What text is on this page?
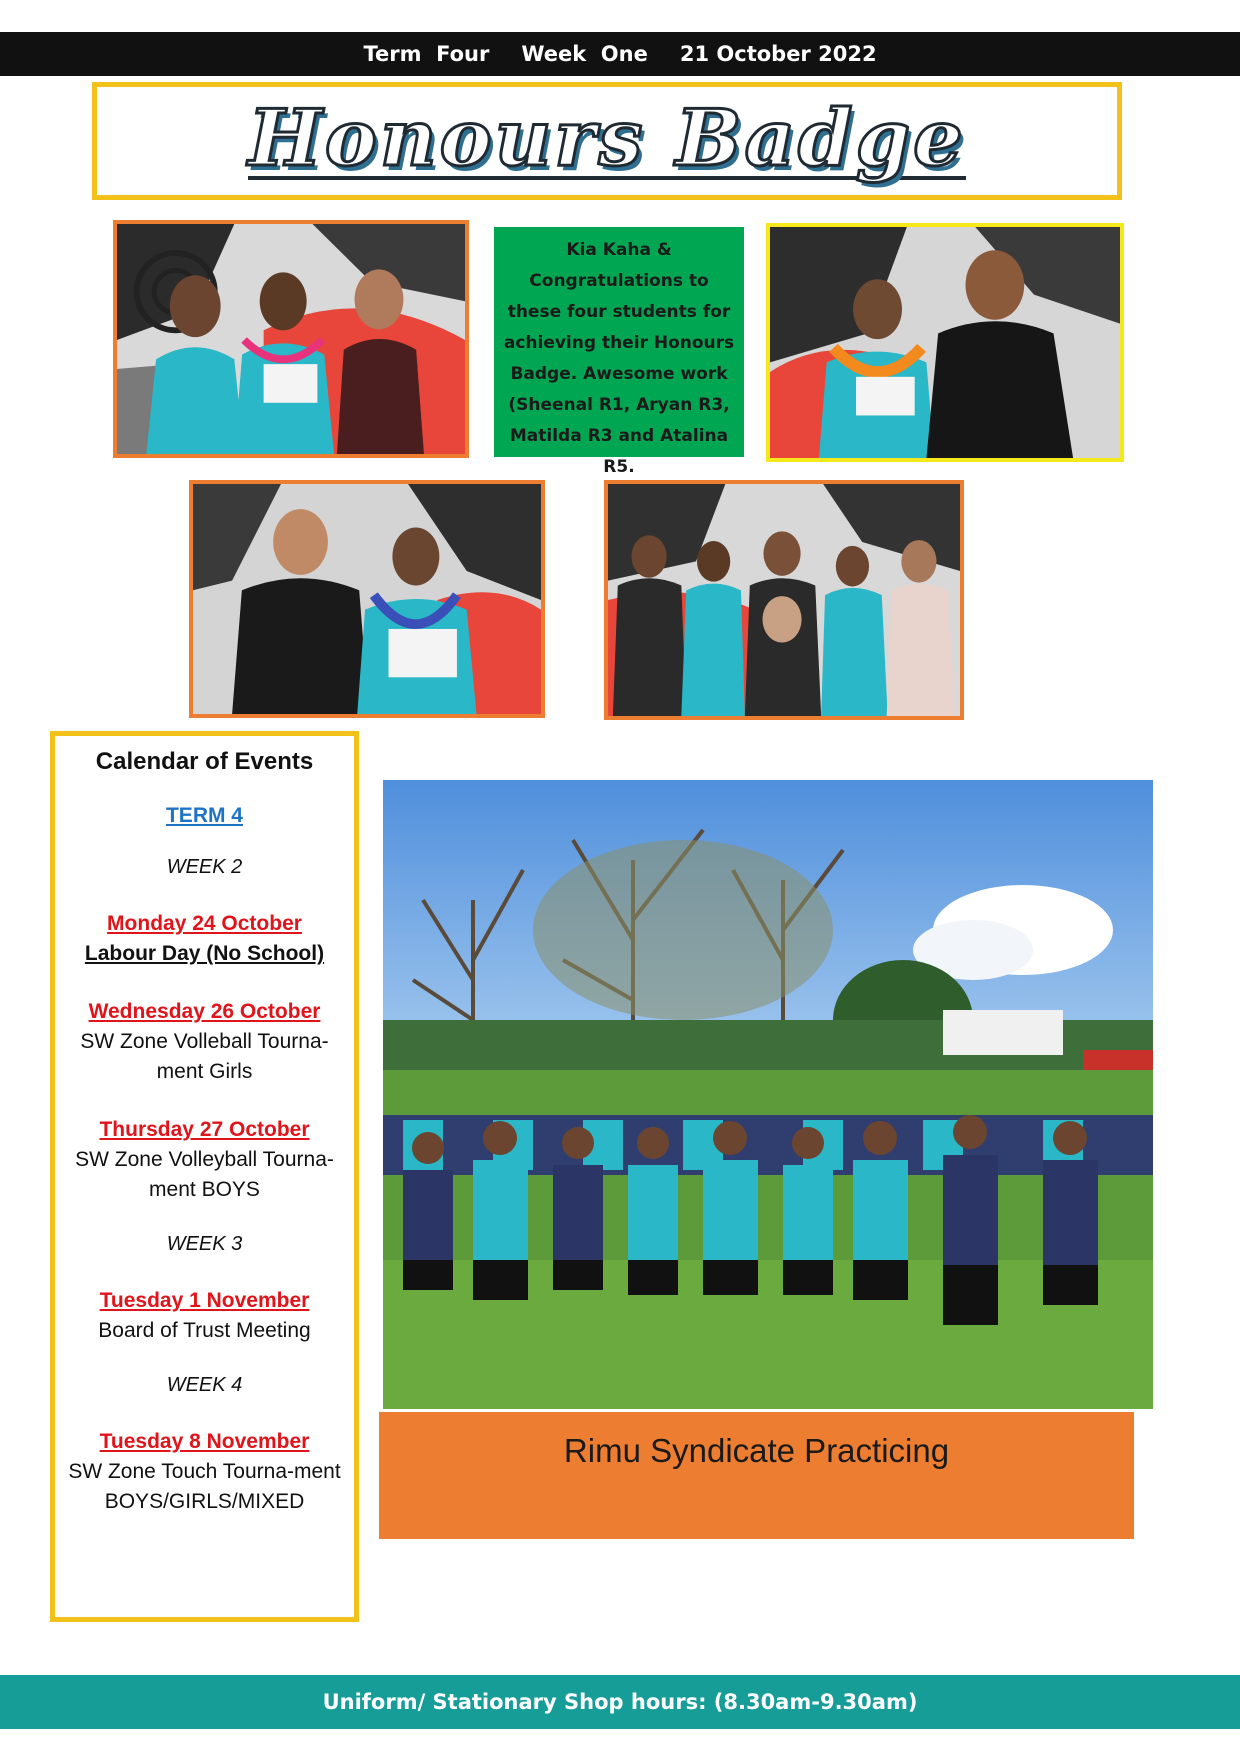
Term  Four Week  One 21 October 2022
Honours Badge
Kia Kaha & Congratulations to these four students for achieving their Honours Badge. Awesome work (Sheenal R1, Aryan R3, Matilda R3 and Atalina R5.
Calendar of Events
TERM 4
WEEK 2
Monday 24 October
Labour Day (No School)
Wednesday 26 October
SW Zone Volleball Tourna-ment Girls
Thursday 27 October
SW Zone Volleyball Tourna-ment BOYS
WEEK 3
Tuesday 1 November
Board of Trust Meeting
WEEK 4
Tuesday 8 November
SW Zone Touch Tourna-ment BOYS/GIRLS/MIXED
Rimu Syndicate Practicing
Uniform/ Stationary Shop hours: (8.30am-9.30am)
